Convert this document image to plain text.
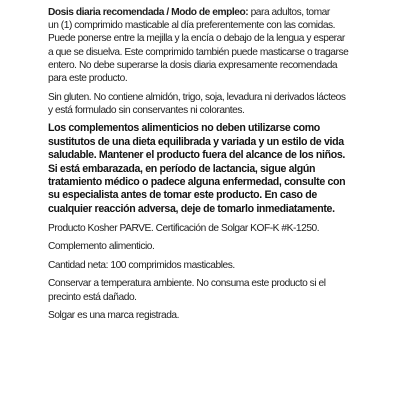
Dosis diaria recomendada / Modo de empleo: para adultos, tomar
un (1) comprimido masticable al día preferentemente con las comidas.
Puede ponerse entre la mejilla y la encía o debajo de la lengua y esperar
a que se disuelva. Este comprimido también puede masticarse o tragarse
entero. No debe superarse la dosis diaria expresamente recomendada
para este producto.

Sin gluten. No contiene almidón, trigo, soja, levadura ni derivados lácteos
y está formulado sin conservantes ni colorantes.

Los complementos alimenticios no deben utilizarse como
sustitutos de una dieta equilibrada y variada y un estilo de vida
saludable. Mantener el producto fuera del alcance de los niños.
Si está embarazada, en período de lactancia, sigue algún
tratamiento médico o padece alguna enfermedad, consulte con
su especialista antes de tomar este producto. En caso de
cualquier reacción adversa, deje de tomarlo inmediatamente.

Producto Kosher PARVE. Certificación de Solgar KOF-K #K-1250.

Complemento alimenticio.

Cantidad neta: 100 comprimidos masticables.

Conservar a temperatura ambiente. No consuma este producto si el
precinto está dañado.

Solgar es una marca registrada.
